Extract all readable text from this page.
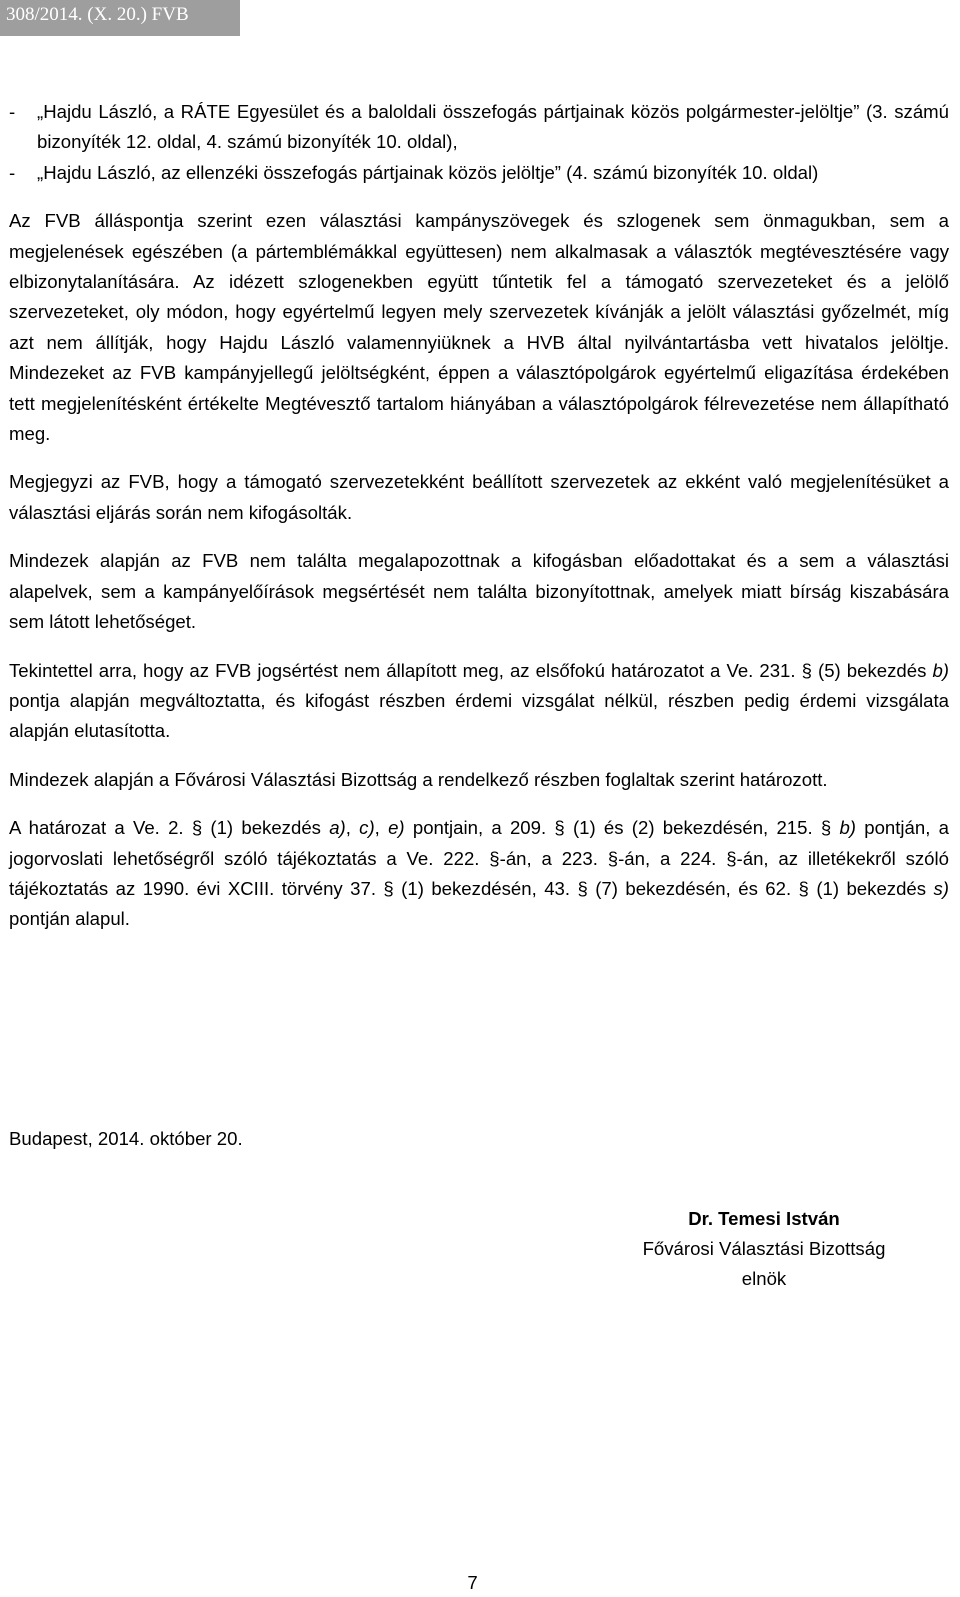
308/2014. (X. 20.) FVB
-	„Hajdu László, a RÁTE Egyesület és a baloldali összefogás pártjainak közös polgármester-jelöltje” (3. számú bizonyíték 12. oldal, 4. számú bizonyíték 10. oldal),
-	„Hajdu László, az ellenzéki összefogás pártjainak közös jelöltje” (4. számú bizonyíték 10. oldal)

Az FVB álláspontja szerint ezen választási kampányszövegek és szlogenek sem önmagukban, sem a megjelenések egészében (a pártemblémákkal együttesen) nem alkalmasak a választók megtévesztésére vagy elbizonytalanítására. Az idézett szlogenekben együtt tűntetik fel a támogató szervezeteket és a jelölő szervezeteket, oly módon, hogy egyértelmű legyen mely szervezetek kívánják a jelölt választási győzelmét, míg azt nem állítják, hogy Hajdu László valamennyiüknek a HVB által nyilvántartásba vett hivatalos jelöltje. Mindezeket az FVB kampányjellegű jelöltségként, éppen a választópolgárok egyértelmű eligazítása érdekében tett megjelenítésként értékelte Megtévesztő tartalom hiányában a választópolgárok félrevezetése nem állapítható meg.

Megjegyzi az FVB, hogy a támogató szervezetekként beállított szervezetek az ekként való megjelenítésüket a választási eljárás során nem kifogásolták.

Mindezek alapján az FVB nem találta megalapozottnak a kifogásban előadottakat és a sem a választási alapelvek, sem a kampányelőírások megsértését nem találta bizonyítottnak, amelyek miatt bírság kiszabására sem látott lehetőséget.

Tekintettel arra, hogy az FVB jogsértést nem állapított meg, az elsőfokú határozatot a Ve. 231. § (5) bekezdés b) pontja alapján megváltoztatta, és kifogást részben érdemi vizsgálat nélkül, részben pedig érdemi vizsgálata alapján elutasította.

Mindezek alapján a Fővárosi Választási Bizottság a rendelkező részben foglaltak szerint határozott.

A határozat a Ve. 2. § (1) bekezdés a), c), e) pontjain, a 209. § (1) és (2) bekezdésén, 215. § b) pontján, a jogorvoslati lehetőségről szóló tájékoztatás a Ve. 222. §-án, a 223. §-án, a 224. §-án, az illetékekről szóló tájékoztatás az 1990. évi XCIII. törvény 37. § (1) bekezdésén, 43. § (7) bekezdésén, és 62. § (1) bekezdés s) pontján alapul.

Budapest, 2014. október 20.
Dr. Temesi István
Fővárosi Választási Bizottság
elnök
7
